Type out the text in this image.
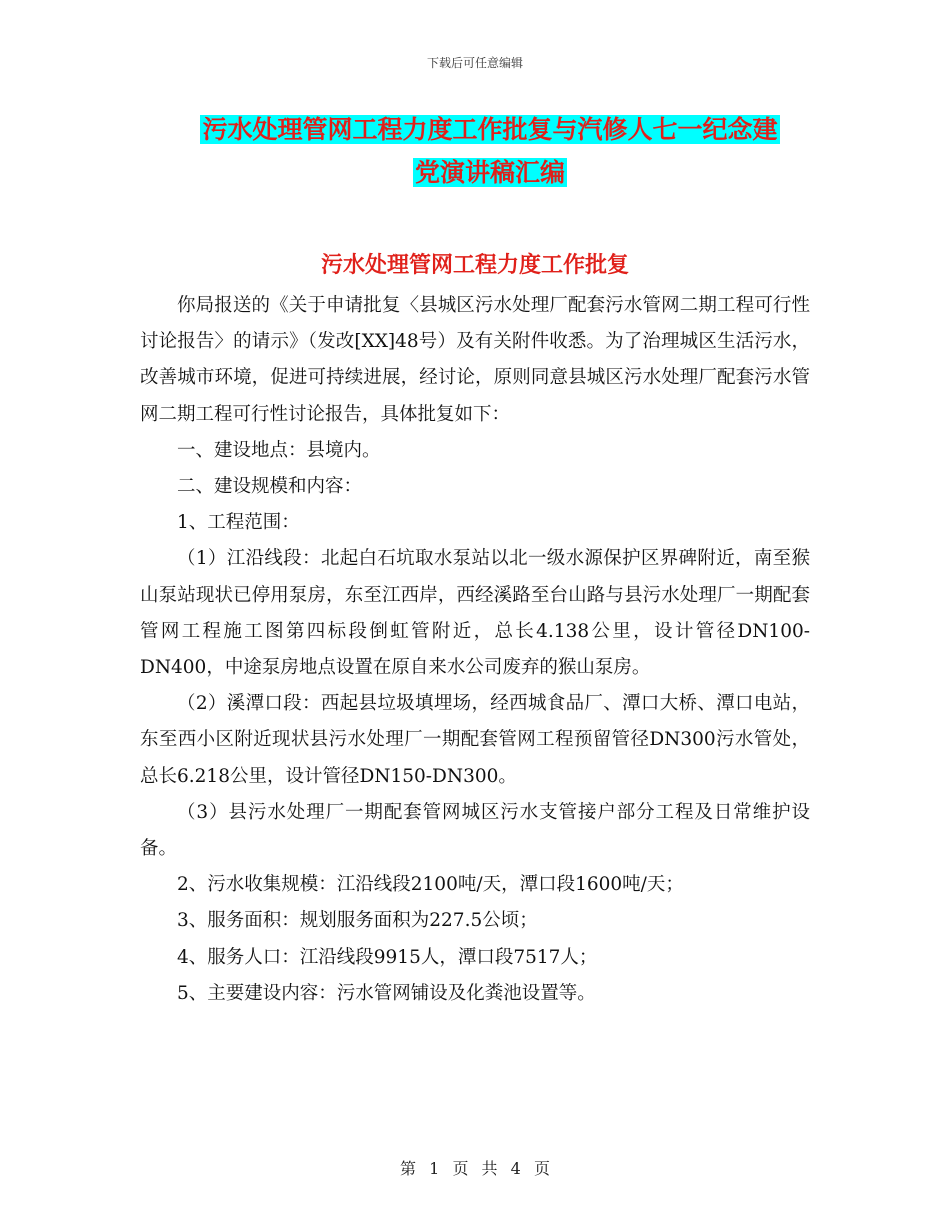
下载后可任意编辑
污水处理管网工程力度工作批复与汽修人七一纪念建
党演讲稿汇编
污水处理管网工程力度工作批复

你局报送的《关于申请批复〈县城区污水处理厂配套污水管网二期工程可行性讨论报告〉的请示》（发改[XX]48号）及有关附件收悉。为了治理城区生活污水，改善城市环境，促进可持续进展，经讨论，原则同意县城区污水处理厂配套污水管网二期工程可行性讨论报告，具体批复如下：

一、建设地点：县境内。

二、建设规模和内容：

1、工程范围：

（1）江沿线段：北起白石坑取水泵站以北一级水源保护区界碑附近，南至猴山泵站现状已停用泵房，东至江西岸，西经溪路至台山路与县污水处理厂一期配套管网工程施工图第四标段倒虹管附近，总长4.138公里，设计管径DN100-DN400，中途泵房地点设置在原自来水公司废弃的猴山泵房。

（2）溪潭口段：西起县垃圾填埋场，经西城食品厂、潭口大桥、潭口电站，东至西小区附近现状县污水处理厂一期配套管网工程预留管径DN300污水管处，总长6.218公里，设计管径DN150-DN300。

（3）县污水处理厂一期配套管网城区污水支管接户部分工程及日常维护设备。

2、污水收集规模：江沿线段2100吨/天，潭口段1600吨/天；

3、服务面积：规划服务面积为227.5公顷；

4、服务人口：江沿线段9915人，潭口段7517人；

5、主要建设内容：污水管网铺设及化粪池设置等。

第 1 页 共 4 页
